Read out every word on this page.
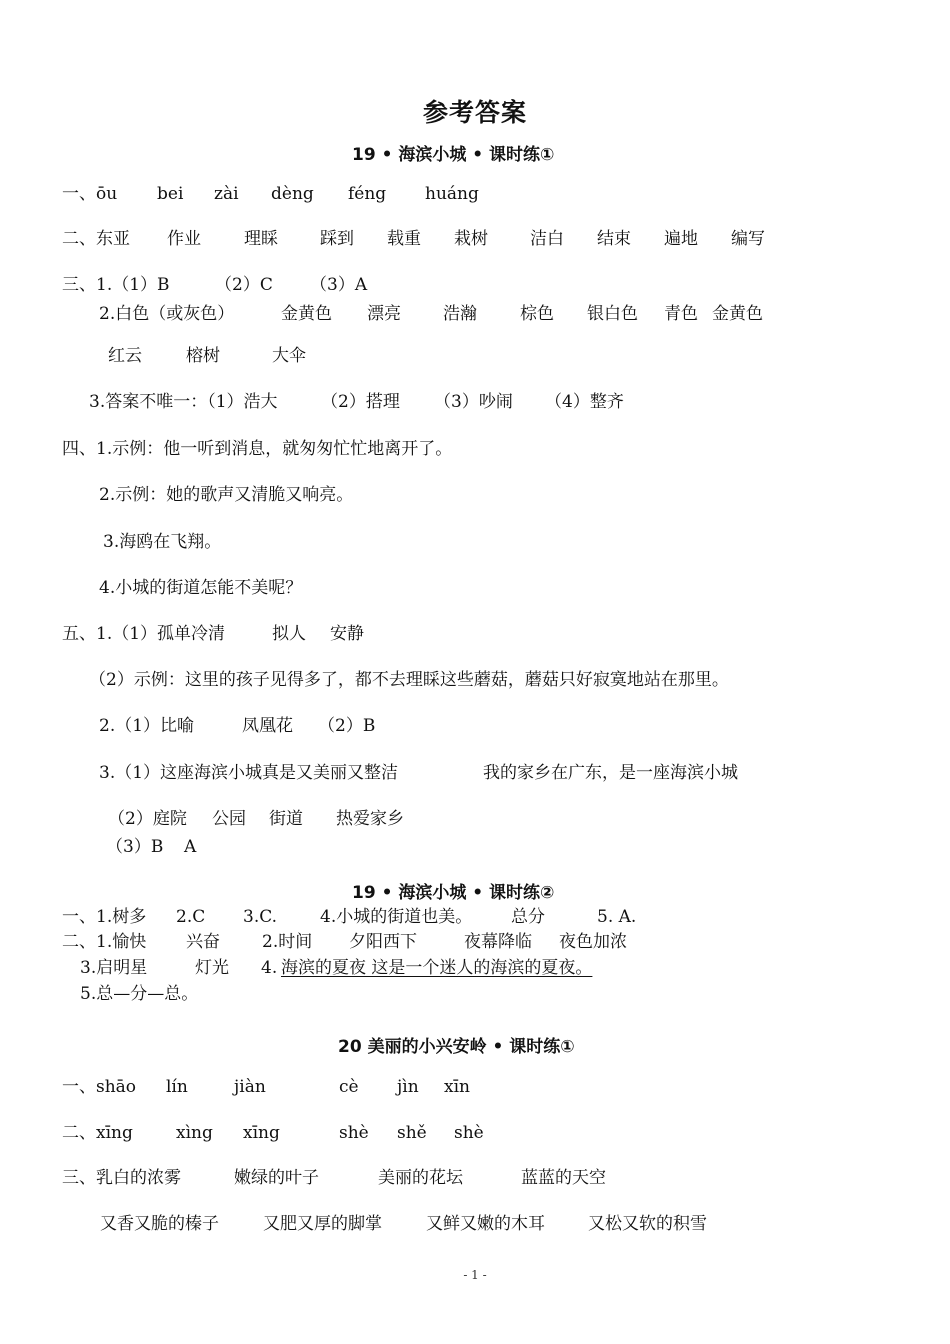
参考答案
19 • 海滨小城 • 课时练①
一、ōu bei zài dèng féng huáng
二、东亚 作业	理睬 踩到 载重 栽树 洁白 结束 遍地 编写
三、1.（1）B	（2）C （3）A
2.白色（或灰色）	金黄色 漂亮 浩瀚	棕色 银白色 青色 金黄色
红云	榕树	大伞
3.答案不唯一：（1）浩大	（2）搭理 （3）吵闹 （4）整齐
四、1.示例：他一听到消息，就匆匆忙忙地离开了。
2.示例：她的歌声又清脆又响亮。
3.海鸥在飞翔。
4.小城的街道怎能不美呢？
五、1.（1）孤单冷清	拟人 安静
（2）示例：这里的孩子见得多了，都不去理睬这些蘑菇，蘑菇只好寂寞地站在那里。
2.（1）比喻	凤凰花 （2）B
3.（1）这座海滨小城真是又美丽又整洁	我的家乡在广东，是一座海滨小城
（2）庭院 公园 街道 热爱家乡
（3）B A
19 • 海滨小城 • 课时练②
一、1.树多 2.C 3.C.	4.小城的街道也美。 总分	5. A.
二、1.愉快 兴奋 2.时间 夕阳西下	夜幕降临 夜色加浓
3.启明星	灯光 4. 海滨的夏夜 这是一个迷人的海滨的夏夜。
5.总—分—总。
20 美丽的小兴安岭 • 课时练①
一、shāo lín	jiàn	cè jìn xīn
二、xīng	xìng xīng	shè shě shè
三、乳白的浓雾	嫩绿的叶子	美丽的花坛	蓝蓝的天空
又香又脆的榛子	又肥又厚的脚掌	又鲜又嫩的木耳	又松又软的积雪
- 1 -
